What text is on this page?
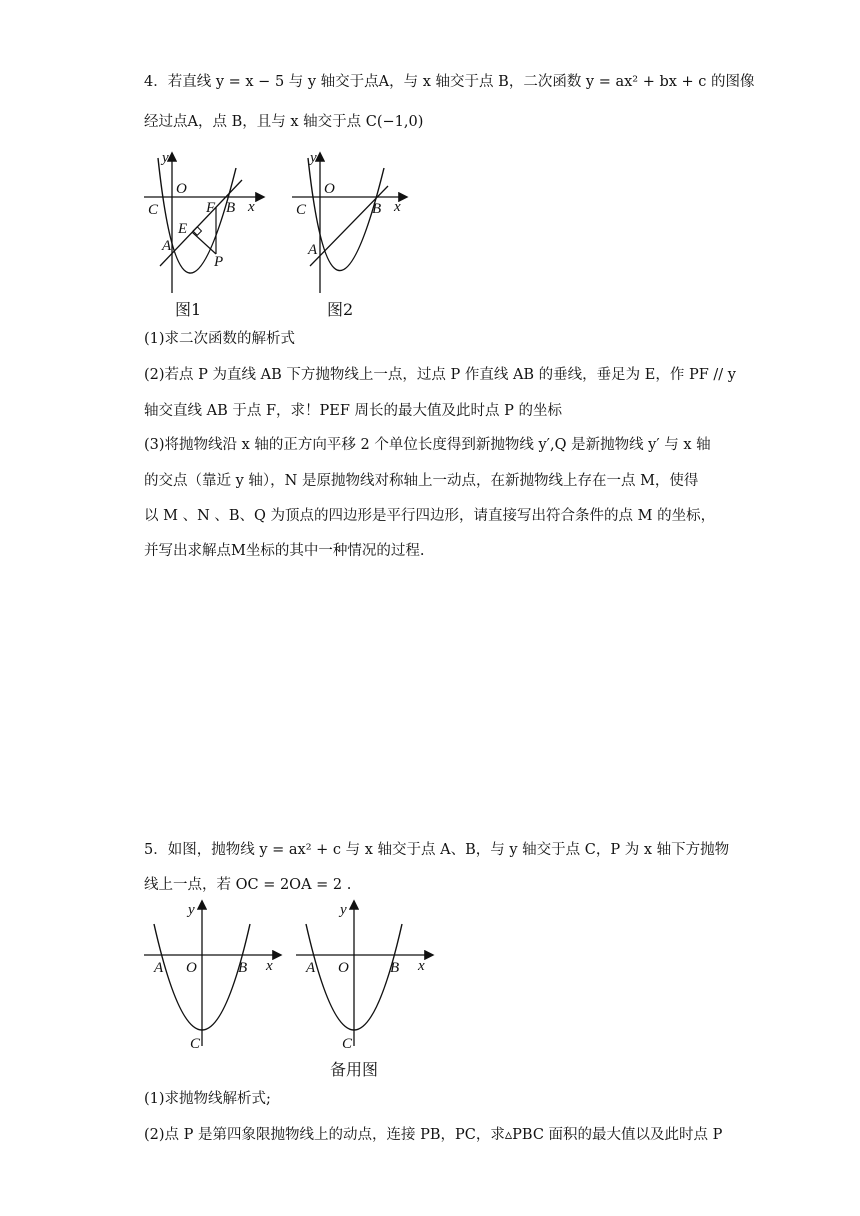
4．若直线 y = x − 5 与 y 轴交于点A，与 x 轴交于点 B，二次函数 y = ax² + bx + c 的图像
经过点A，点 B，且与 x 轴交于点 C(−1,0)
y
O
C	F B x
E
A
P
图1
y
O
C	B x
A
图2
(1)求二次函数的解析式
(2)若点 P 为直线 AB 下方抛物线上一点，过点 P 作直线 AB 的垂线，垂足为 E，作 PF // y
轴交直线 AB 于点 F，求！PEF 周长的最大值及此时点 P 的坐标
(3)将抛物线沿 x 轴的正方向平移 2 个单位长度得到新抛物线 y′,Q 是新抛物线 y′ 与 x 轴
的交点（靠近 y 轴），N 是原抛物线对称轴上一动点，在新抛物线上存在一点 M，使得
以 M 、N 、B、Q 为顶点的四边形是平行四边形，请直接写出符合条件的点 M 的坐标，
并写出求解点M坐标的其中一种情况的过程.
5．如图，抛物线 y = ax² + c 与 x 轴交于点 A、B，与 y 轴交于点 C，P 为 x 轴下方抛物
线上一点，若 OC = 2OA = 2 .
y
A O	B x
C
y
A O	B x
C
备用图
(1)求抛物线解析式;
(2)点 P 是第四象限抛物线上的动点，连接 PB，PC，求▵PBC 面积的最大值以及此时点 P
